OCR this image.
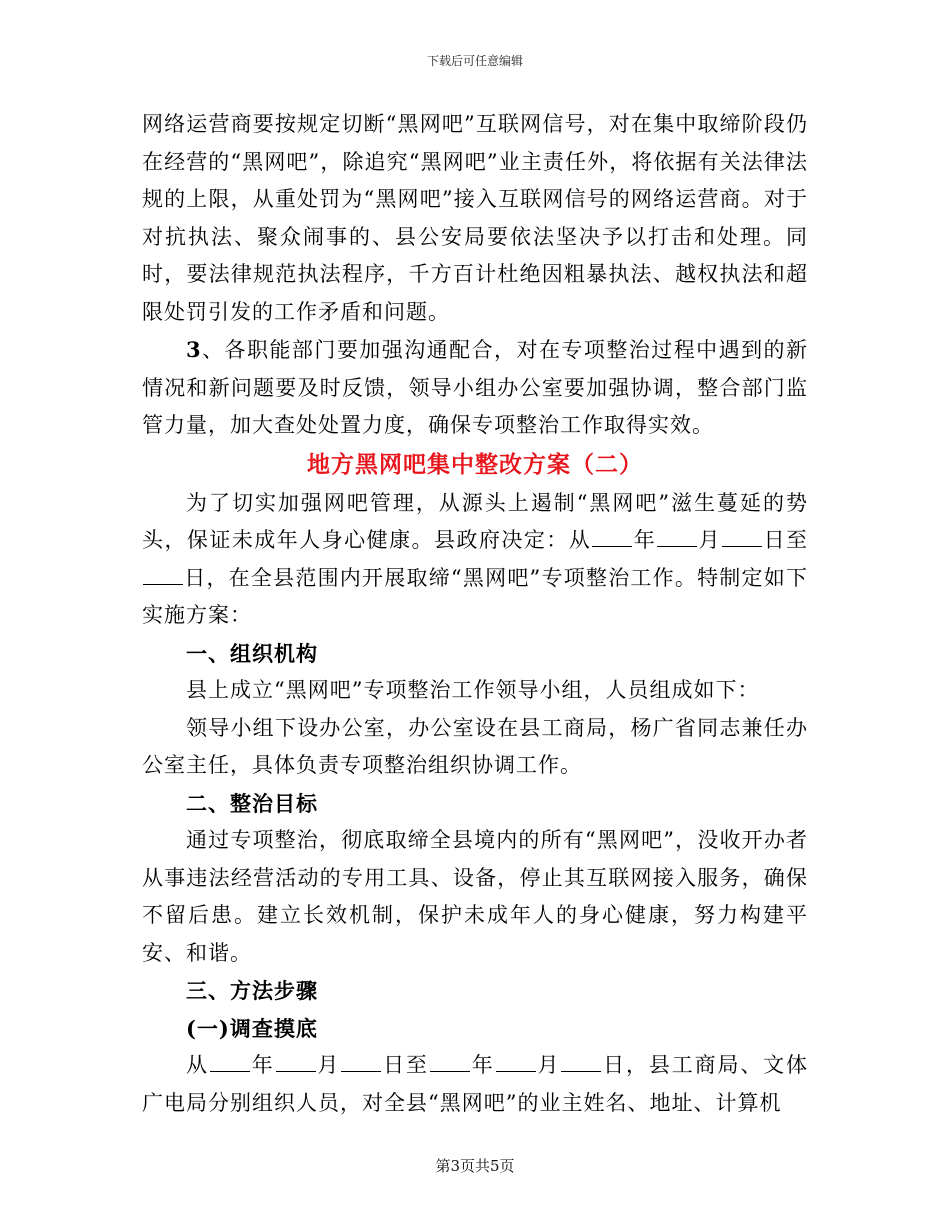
下载后可任意编辑

网络运营商要按规定切断“黑网吧”互联网信号，对在集中取缔阶段仍在经营的“黑网吧”，除追究“黑网吧”业主责任外，将依据有关法律法规的上限，从重处罚为“黑网吧”接入互联网信号的网络运营商。对于对抗执法、聚众闹事的、县公安局要依法坚决予以打击和处理。同时，要法律规范执法程序，千方百计杜绝因粗暴执法、越权执法和超限处罚引发的工作矛盾和问题。

3、各职能部门要加强沟通配合，对在专项整治过程中遇到的新情况和新问题要及时反馈，领导小组办公室要加强协调，整合部门监管力量，加大查处处置力度，确保专项整治工作取得实效。

地方黑网吧集中整改方案（二）

为了切实加强网吧管理，从源头上遏制“黑网吧”滋生蔓延的势头，保证未成年人身心健康。县政府决定：从 年 月 日至日，在全县范围内开展取缔“黑网吧”专项整治工作。特制定如下实施方案：

一、组织机构

县上成立“黑网吧”专项整治工作领导小组，人员组成如下：

领导小组下设办公室，办公室设在县工商局，杨广省同志兼任办公室主任，具体负责专项整治组织协调工作。

二、整治目标

通过专项整治，彻底取缔全县境内的所有“黑网吧”，没收开办者从事违法经营活动的专用工具、设备，停止其互联网接入服务，确保不留后患。建立长效机制，保护未成年人的身心健康，努力构建平安、和谐。

三、方法步骤

(一)调查摸底

从 年 月 日至 年 月 日，县工商局、文体广电局分别组织人员，对全县“黑网吧”的业主姓名、地址、计算机

第3页共5页
